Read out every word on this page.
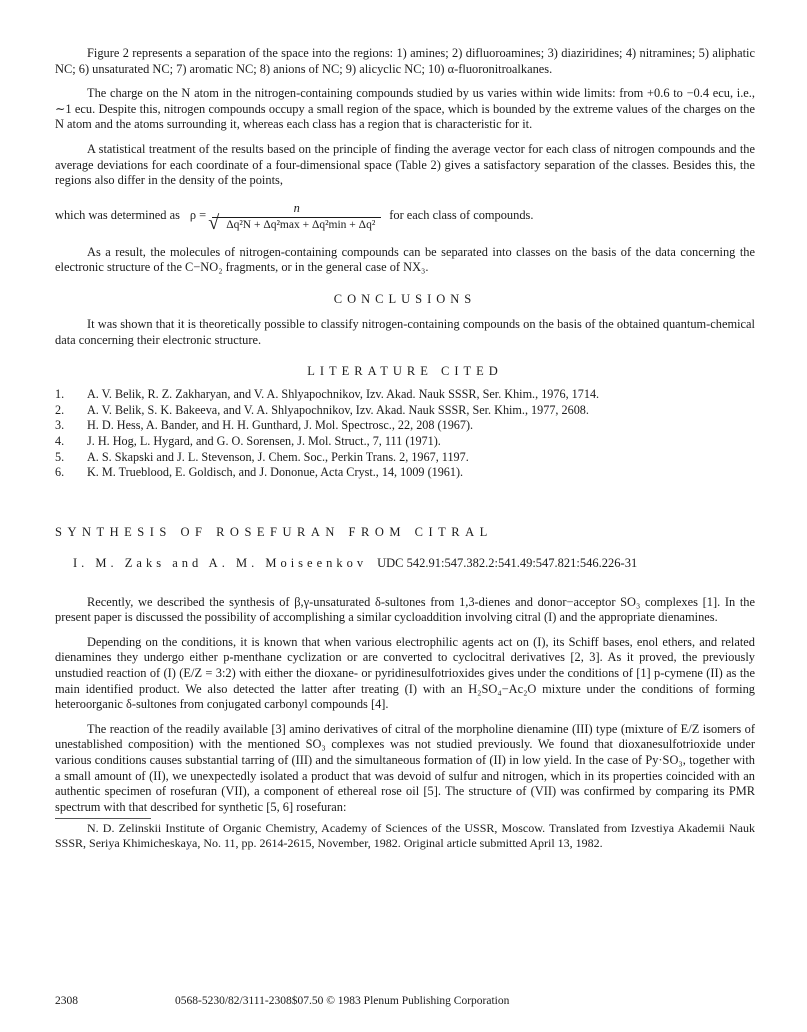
Figure 2 represents a separation of the space into the regions: 1) amines; 2) difluoroamines; 3) diaziridines; 4) nitramines; 5) aliphatic NC; 6) unsaturated NC; 7) aromatic NC; 8) anions of NC; 9) alicyclic NC; 10) α-fluoronitroalkanes.

The charge on the N atom in the nitrogen-containing compounds studied by us varies within wide limits: from +0.6 to −0.4 ecu, i.e., ∼1 ecu. Despite this, nitrogen compounds occupy a small region of the space, which is bounded by the extreme values of the charges on the N atom and the atoms surrounding it, whereas each class has a region that is characteristic for it.

A statistical treatment of the results based on the principle of finding the average vector for each class of nitrogen compounds and the average deviations for each coordinate of a four-dimensional space (Table 2) gives a satisfactory separation of the classes. Besides this, the regions also differ in the density of the points,

which was determined as ρ = n
√ Δq²N + Δq²max + Δq²min + Δq² for each class of compounds.

As a result, the molecules of nitrogen-containing compounds can be separated into classes on the basis of the data concerning the electronic structure of the C−NO₂ fragments, or in the general case of NX₃.

CONCLUSIONS

It was shown that it is theoretically possible to classify nitrogen-containing compounds on the basis of the obtained quantum-chemical data concerning their electronic structure.

LITERATURE CITED
1.	A. V. Belik, R. Z. Zakharyan, and V. A. Shlyapochnikov, Izv. Akad. Nauk SSSR, Ser. Khim., 1976, 1714.
2.	A. V. Belik, S. K. Bakeeva, and V. A. Shlyapochnikov, Izv. Akad. Nauk SSSR, Ser. Khim., 1977, 2608.
3.	H. D. Hess, A. Bander, and H. H. Gunthard, J. Mol. Spectrosc., 22, 208 (1967).
4.	J. H. Hog, L. Hygard, and G. O. Sorensen, J. Mol. Struct., 7, 111 (1971).
5.	A. S. Skapski and J. L. Stevenson, J. Chem. Soc., Perkin Trans. 2, 1967, 1197.
6.	K. M. Trueblood, E. Goldisch, and J. Dononue, Acta Cryst., 14, 1009 (1961).
SYNTHESIS OF ROSEFURAN FROM CITRAL
I. M. Zaks and A. M. Moiseenkov UDC 542.91:547.382.2:541.49:547.821:546.226-31

Recently, we described the synthesis of β,γ-unsaturated δ-sultones from 1,3-dienes and donor−acceptor SO₃ complexes [1]. In the present paper is discussed the possibility of accomplishing a similar cycloaddition involving citral (I) and the appropriate dienamines.

Depending on the conditions, it is known that when various electrophilic agents act on (I), its Schiff bases, enol ethers, and related dienamines they undergo either p-menthane cyclization or are converted to cyclocitral derivatives [2, 3]. As it proved, the previously unstudied reaction of (I) (E/Z = 3:2) with either the dioxane- or pyridinesulfotrioxides gives under the conditions of [1] p-cymene (II) as the main identified product. We also detected the latter after treating (I) with an H₂SO₄−Ac₂O mixture under the conditions of forming heteroorganic δ-sultones from conjugated carbonyl compounds [4].

The reaction of the readily available [3] amino derivatives of citral of the morpholine dienamine (III) type (mixture of E/Z isomers of unestablished composition) with the mentioned SO₃ complexes was not studied previously. We found that dioxanesulfotrioxide under various conditions causes substantial tarring of (III) and the simultaneous formation of (II) in low yield. In the case of Py·SO₃, together with a small amount of (II), we unexpectedly isolated a product that was devoid of sulfur and nitrogen, which in its properties coincided with an authentic specimen of rosefuran (VII), a component of ethereal rose oil [5]. The structure of (VII) was confirmed by comparing its PMR spectrum with that described for synthetic [5, 6] rosefuran:

N. D. Zelinskii Institute of Organic Chemistry, Academy of Sciences of the USSR, Moscow. Translated from Izvestiya Akademii Nauk SSSR, Seriya Khimicheskaya, No. 11, pp. 2614-2615, November, 1982. Original article submitted April 13, 1982.

2308	0568-5230/82/3111-2308$07.50 © 1983 Plenum Publishing Corporation
